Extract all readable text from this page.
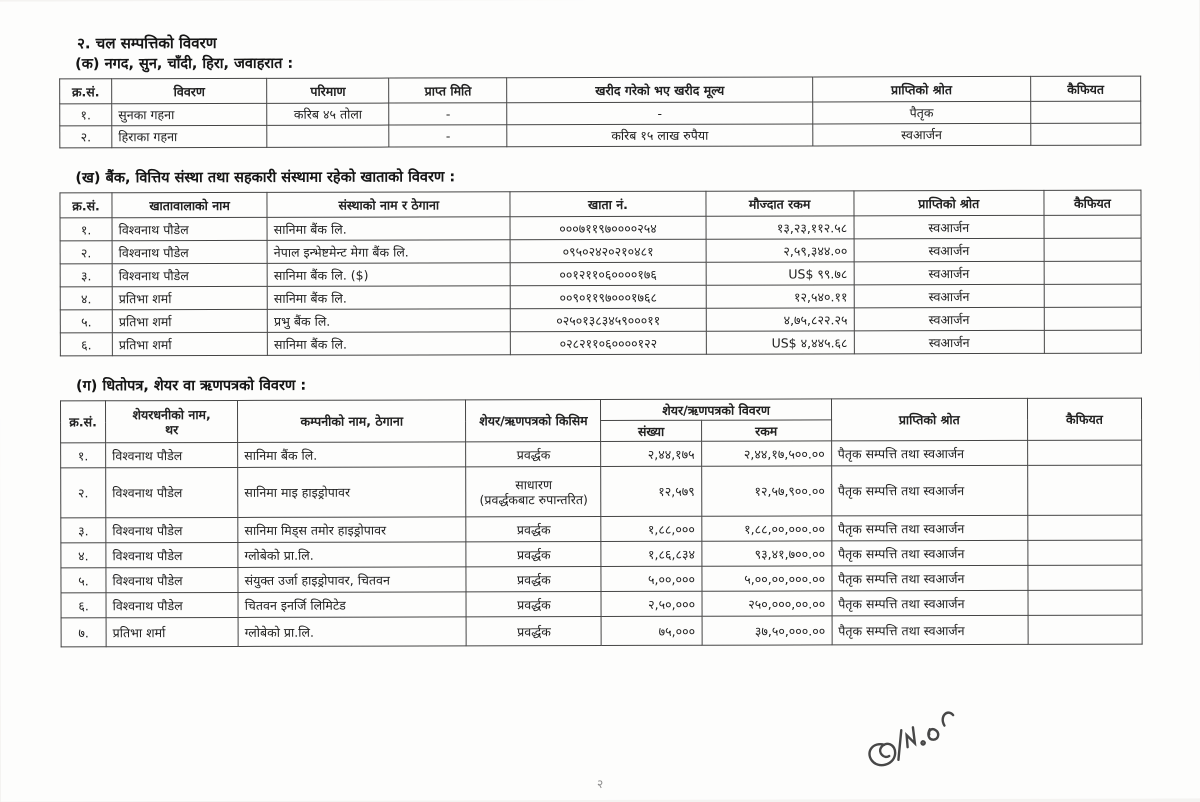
२. चल सम्पत्तिको विवरण
(क) नगद, सुन, चाँदी, हिरा, जवाहरात :
क्र.सं.	विवरण	परिमाण	प्राप्त मिति	खरीद गरेको भए खरीद मूल्य	प्राप्तिको श्रोत	कैफियत
१.	सुनका गहना	करिब ४५ तोला	-	-	पैतृक	
२.	हिराका गहना		-	करिब १५ लाख रुपैया	स्वआर्जन	
(ख) बैंक, वित्तिय संस्था तथा सहकारी संस्थामा रहेको खाताको विवरण :
क्र.सं.	खातावालाको नाम	संस्थाको नाम र ठेगाना	खाता नं.	मौज्दात रकम	प्राप्तिको श्रोत	कैफियत
१.	विश्वनाथ पौडेल	सानिमा बैंक लि.	०००७११९७००००२५४	१३,२३,११२.५८	स्वआर्जन	
२.	विश्वनाथ पौडेल	नेपाल इन्भेष्टमेन्ट मेगा बैंक लि.	०९५०२४२०२१०४८१	२,५९,३४४.००	स्वआर्जन	
३.	विश्वनाथ पौडेल	सानिमा बैंक लि. ($)	००१२११०६००००१७६	US$ ९९.७८	स्वआर्जन	
४.	प्रतिभा शर्मा	सानिमा बैंक लि.	००९०११९७०००१७६८	१२,५४०.११	स्वआर्जन	
५.	प्रतिभा शर्मा	प्रभु बैंक लि.	०२५०१३८३४५९०००११	४,७५,८२२.२५	स्वआर्जन	
६.	प्रतिभा शर्मा	सानिमा बैंक लि.	०२८२११०६००००१२२	US$ ४,४४५.६८	स्वआर्जन	
(ग) धितोपत्र, शेयर वा ऋणपत्रको विवरण :
क्र.सं.	शेयरधनीको नाम,
थर	कम्पनीको नाम, ठेगाना	शेयर/ऋणपत्रको किसिम	शेयर/ऋणपत्रको विवरण		प्राप्तिको श्रोत	कैफियत
				संख्या	रकम		
१.	विश्वनाथ पौडेल	सानिमा बैंक लि.	प्रवर्द्धक	२,४४,१७५	२,४४,१७,५००.००	पैतृक सम्पत्ति तथा स्वआर्जन	
२.	विश्वनाथ पौडेल	सानिमा माइ हाइड्रोपावर	साधारण
(प्रवर्द्धकबाट रुपान्तरित)	१२,५७९	१२,५७,९००.००	पैतृक सम्पत्ति तथा स्वआर्जन	
३.	विश्वनाथ पौडेल	सानिमा मिड्स तमोर हाइड्रोपावर	प्रवर्द्धक	१,८८,०००	१,८८,००,०००.००	पैतृक सम्पत्ति तथा स्वआर्जन	
४.	विश्वनाथ पौडेल	ग्लोबेको प्रा.लि.	प्रवर्द्धक	१,८६,८३४	९३,४१,७००.००	पैतृक सम्पत्ति तथा स्वआर्जन	
५.	विश्वनाथ पौडेल	संयुक्त उर्जा हाइड्रोपावर, चितवन	प्रवर्द्धक	५,००,०००	५,००,००,०००.००	पैतृक सम्पत्ति तथा स्वआर्जन	
६.	विश्वनाथ पौडेल	चितवन इनर्जि लिमिटेड	प्रवर्द्धक	२,५०,०००	२५०,०००,००.००	पैतृक सम्पत्ति तथा स्वआर्जन	
७.	प्रतिभा शर्मा	ग्लोबेको प्रा.लि.	प्रवर्द्धक	७५,०००	३७,५०,०००.००	पैतृक सम्पत्ति तथा स्वआर्जन	
२
